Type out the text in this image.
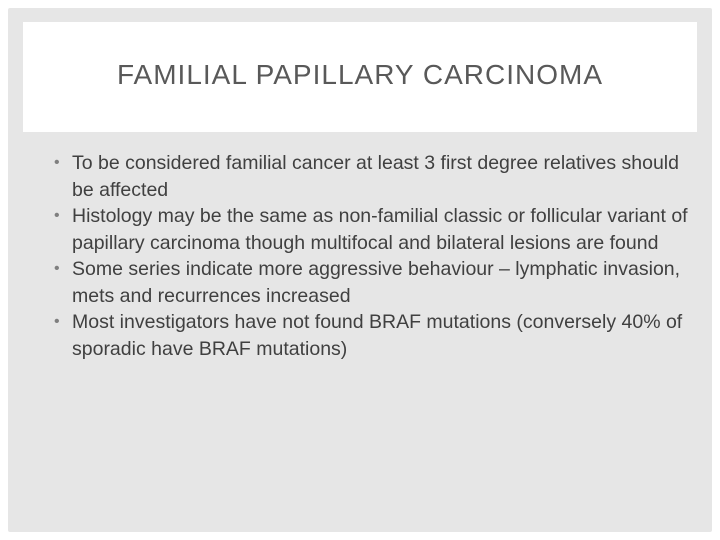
FAMILIAL PAPILLARY CARCINOMA
• To be considered familial cancer at least 3 first degree relatives should be affected
• Histology may be the same as non-familial classic or follicular variant of papillary carcinoma though multifocal and bilateral lesions are found
• Some series indicate more aggressive behaviour – lymphatic invasion, mets and recurrences increased
• Most investigators have not found BRAF mutations (conversely 40% of sporadic have BRAF mutations)
